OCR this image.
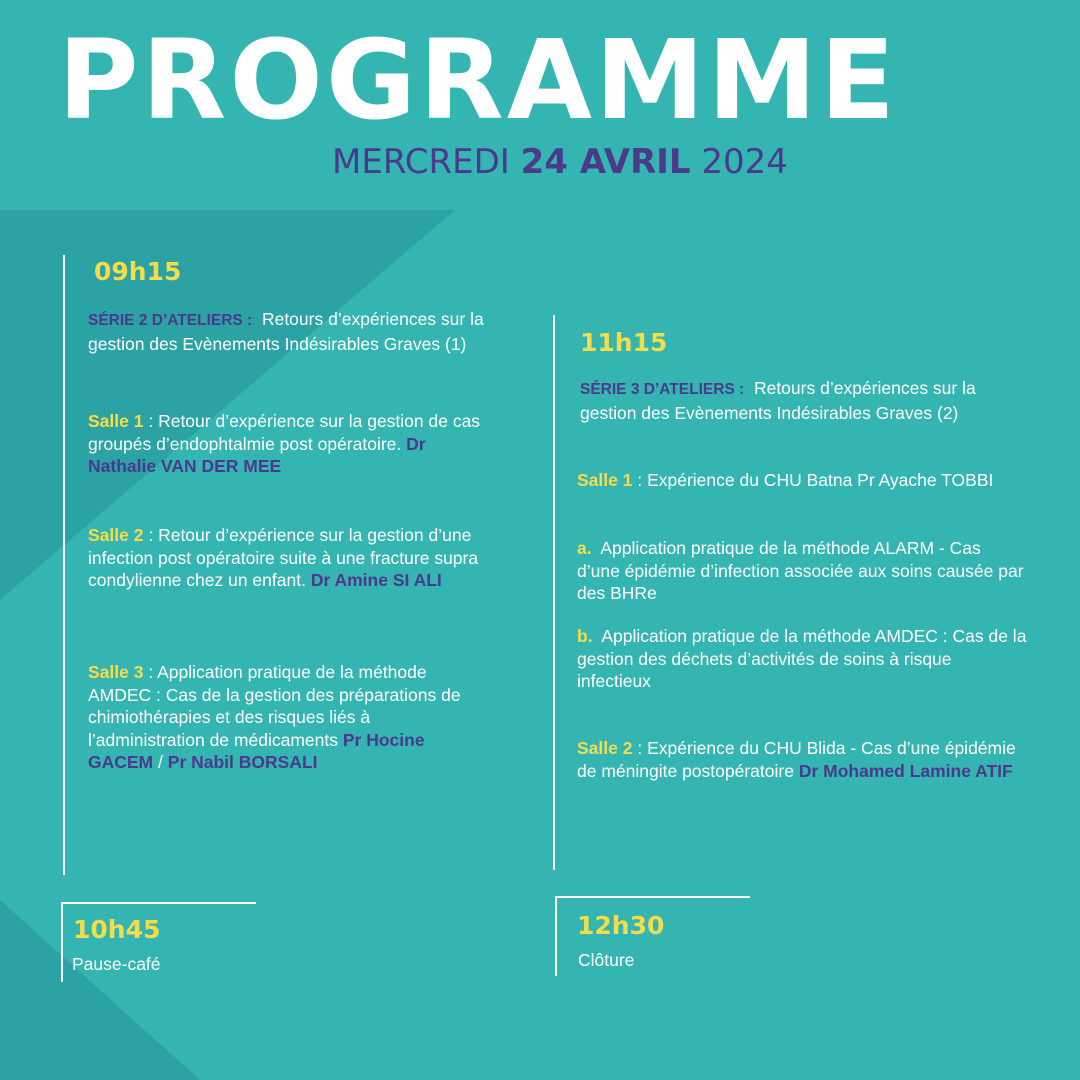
PROGRAMME

MERCREDI 24 AVRIL 2024

09h15

SÉRIE 2 D’ATELIERS : Retours d’expériences sur la gestion des Evènements Indésirables Graves (1)

Salle 1 : Retour d’expérience sur la gestion de cas groupés d’endophtalmie post opératoire. Dr Nathalie VAN DER MEE

Salle 2 : Retour d’expérience sur la gestion d’une infection post opératoire suite à une fracture supra condylienne chez un enfant. Dr Amine SI ALI

Salle 3 : Application pratique de la méthode AMDEC : Cas de la gestion des préparations de chimiothérapies et des risques liés à l’administration de médicaments Pr Hocine GACEM / Pr Nabil BORSALI

11h15

SÉRIE 3 D’ATELIERS : Retours d’expériences sur la gestion des Evènements Indésirables Graves (2)

Salle 1 : Expérience du CHU Batna Pr Ayache TOBBI

a. Application pratique de la méthode ALARM - Cas d’une épidémie d’infection associée aux soins causée par des BHRe

b. Application pratique de la méthode AMDEC : Cas de la gestion des déchets d’activités de soins à risque infectieux

Salle 2 : Expérience du CHU Blida - Cas d’une épidémie de méningite postopératoire Dr Mohamed Lamine ATIF

10h45

Pause-café

12h30

Clôture
